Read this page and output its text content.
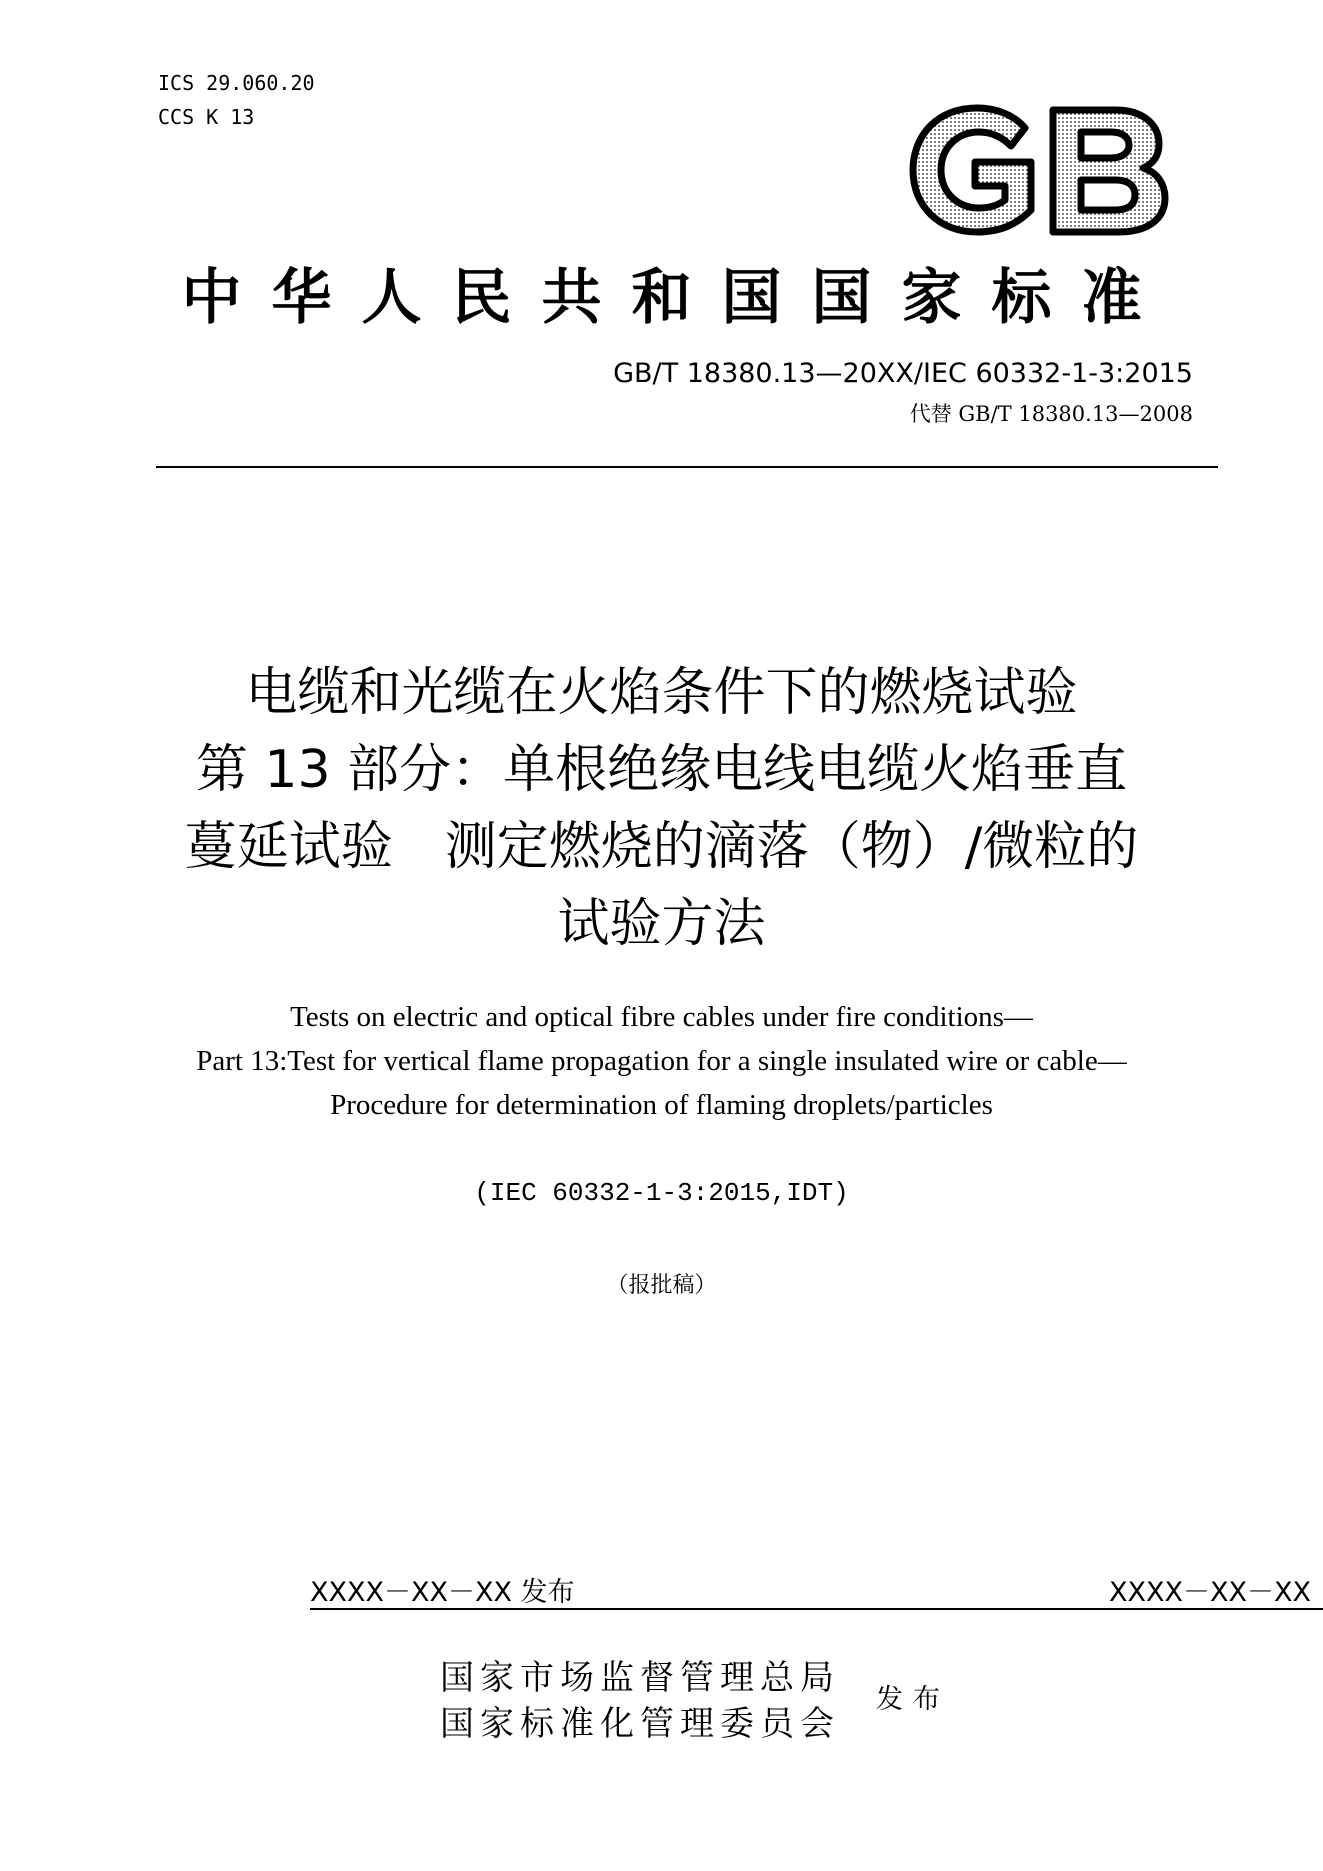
ICS 29.060.20
CCS K 13
GB
中华人民共和国国家标准
GB/T 18380.13—20XX/IEC 60332-1-3:2015
代替 GB/T 18380.13—2008
电缆和光缆在火焰条件下的燃烧试验
第 13 部分：单根绝缘电线电缆火焰垂直
蔓延试验　测定燃烧的滴落（物）/微粒的
试验方法
Tests on electric and optical fibre cables under fire conditions—
Part 13:Test for vertical flame propagation for a single insulated wire or cable—
Procedure for determination of flaming droplets/particles
(IEC 60332-1-3:2015,IDT)
（报批稿）
XXXX－XX－XX 发布	XXXX－XX－XX
国家市场监督管理总局
国家标准化管理委员会
发布
